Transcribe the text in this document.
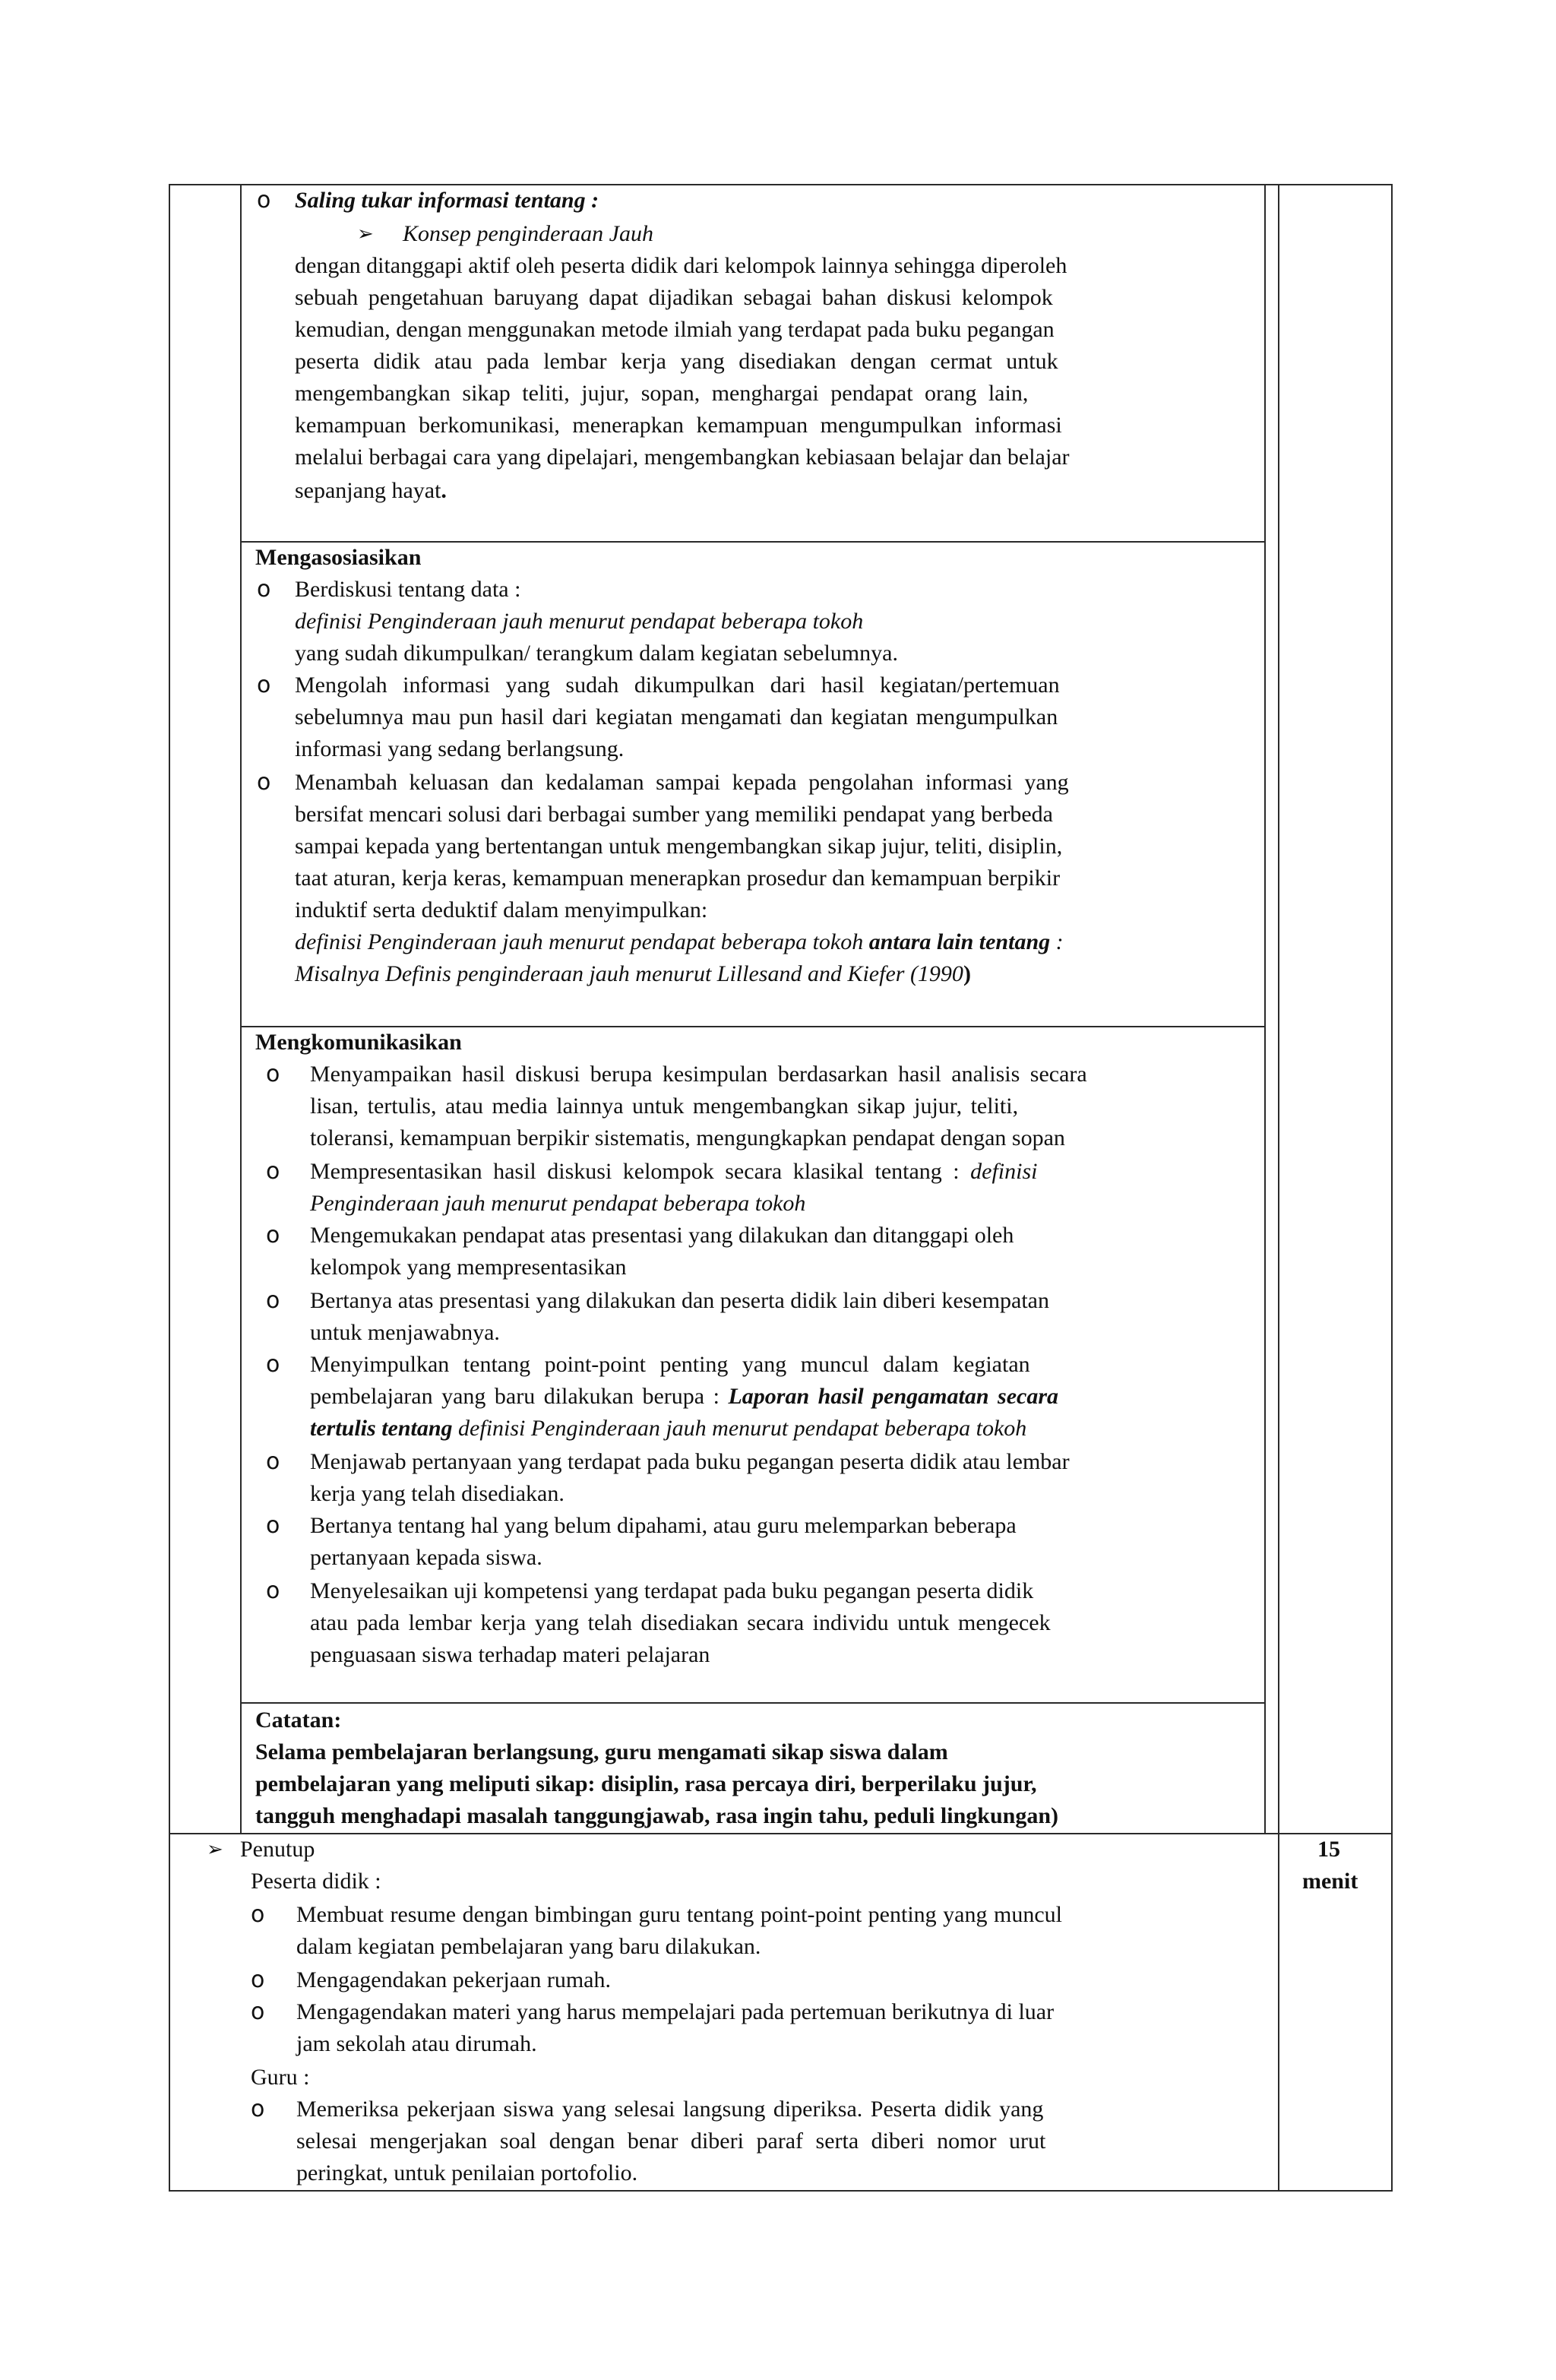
o Saling tukar informasi tentang :
➢ Konsep penginderaan Jauh
dengan ditanggapi aktif oleh peserta didik dari kelompok lainnya sehingga diperoleh
sebuah pengetahuan baruyang dapat dijadikan sebagai bahan diskusi kelompok
kemudian, dengan menggunakan metode ilmiah yang terdapat pada buku pegangan
peserta didik atau pada lembar kerja yang disediakan dengan cermat untuk
mengembangkan sikap teliti, jujur, sopan, menghargai pendapat orang lain,
kemampuan berkomunikasi, menerapkan kemampuan mengumpulkan informasi
melalui berbagai cara yang dipelajari, mengembangkan kebiasaan belajar dan belajar
sepanjang hayat.
Mengasosiasikan
o Berdiskusi tentang data :
definisi Penginderaan jauh menurut pendapat beberapa tokoh
yang sudah dikumpulkan/ terangkum dalam kegiatan sebelumnya.
o Mengolah informasi yang sudah dikumpulkan dari hasil kegiatan/pertemuan
sebelumnya mau pun hasil dari kegiatan mengamati dan kegiatan mengumpulkan
informasi yang sedang berlangsung.
o Menambah keluasan dan kedalaman sampai kepada pengolahan informasi yang
bersifat mencari solusi dari berbagai sumber yang memiliki pendapat yang berbeda
sampai kepada yang bertentangan untuk mengembangkan sikap jujur, teliti, disiplin,
taat aturan, kerja keras, kemampuan menerapkan prosedur dan kemampuan berpikir
induktif serta deduktif dalam menyimpulkan:
definisi Penginderaan jauh menurut pendapat beberapa tokoh antara lain tentang :
Misalnya Definis penginderaan jauh menurut Lillesand and Kiefer (1990)
Mengkomunikasikan
o Menyampaikan hasil diskusi berupa kesimpulan berdasarkan hasil analisis secara
lisan, tertulis, atau media lainnya untuk mengembangkan sikap jujur, teliti,
toleransi, kemampuan berpikir sistematis, mengungkapkan pendapat dengan sopan
o Mempresentasikan hasil diskusi kelompok secara klasikal tentang : definisi
Penginderaan jauh menurut pendapat beberapa tokoh
o Mengemukakan pendapat atas presentasi yang dilakukan dan ditanggapi oleh
kelompok yang mempresentasikan
o Bertanya atas presentasi yang dilakukan dan peserta didik lain diberi kesempatan
untuk menjawabnya.
o Menyimpulkan tentang point-point penting yang muncul dalam kegiatan
pembelajaran yang baru dilakukan berupa : Laporan hasil pengamatan secara
tertulis tentang definisi Penginderaan jauh menurut pendapat beberapa tokoh
o Menjawab pertanyaan yang terdapat pada buku pegangan peserta didik atau lembar
kerja yang telah disediakan.
o Bertanya tentang hal yang belum dipahami, atau guru melemparkan beberapa
pertanyaan kepada siswa.
o Menyelesaikan uji kompetensi yang terdapat pada buku pegangan peserta didik
atau pada lembar kerja yang telah disediakan secara individu untuk mengecek
penguasaan siswa terhadap materi pelajaran
Catatan:
Selama pembelajaran berlangsung, guru mengamati sikap siswa dalam
pembelajaran yang meliputi sikap: disiplin, rasa percaya diri, berperilaku jujur,
tangguh menghadapi masalah tanggungjawab, rasa ingin tahu, peduli lingkungan)
➢ Penutup
Peserta didik :
o Membuat resume dengan bimbingan guru tentang point-point penting yang muncul
dalam kegiatan pembelajaran yang baru dilakukan.
o Mengagendakan pekerjaan rumah.
o Mengagendakan materi yang harus mempelajari pada pertemuan berikutnya di luar
jam sekolah atau dirumah.
Guru :
o Memeriksa pekerjaan siswa yang selesai langsung diperiksa. Peserta didik yang
selesai mengerjakan soal dengan benar diberi paraf serta diberi nomor urut
peringkat, untuk penilaian portofolio.
15
menit
